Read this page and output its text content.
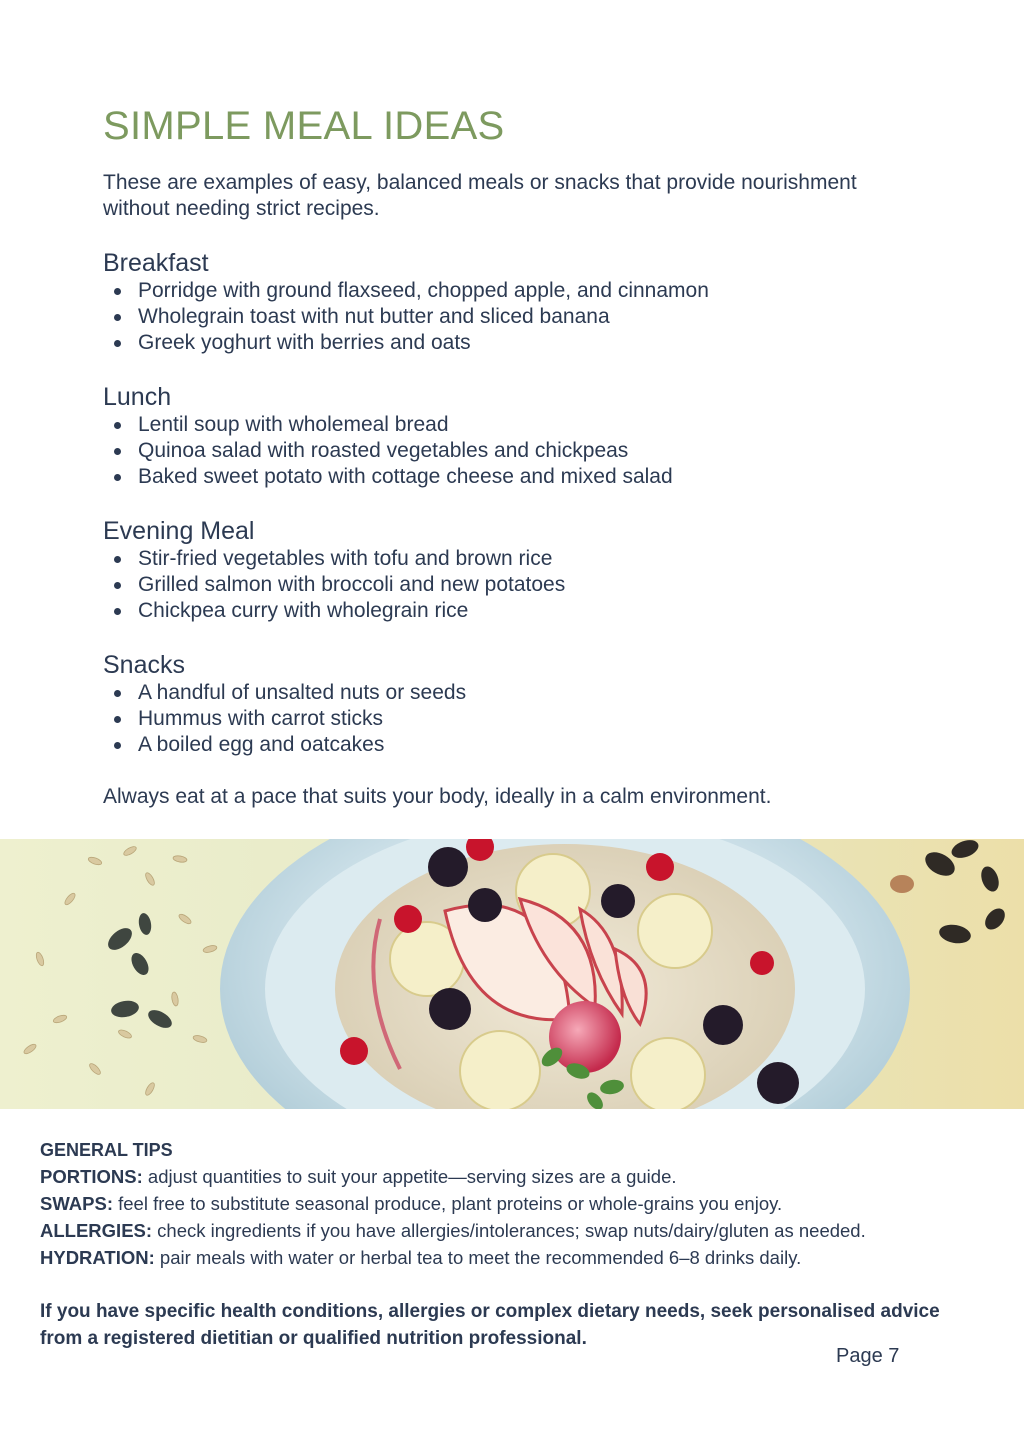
SIMPLE MEAL IDEAS

These are examples of easy, balanced meals or snacks that provide nourishment without needing strict recipes.

Breakfast
Porridge with ground flaxseed, chopped apple, and cinnamon
Wholegrain toast with nut butter and sliced banana
Greek yoghurt with berries and oats
Lunch
Lentil soup with wholemeal bread
Quinoa salad with roasted vegetables and chickpeas
Baked sweet potato with cottage cheese and mixed salad
Evening Meal
Stir-fried vegetables with tofu and brown rice
Grilled salmon with broccoli and new potatoes
Chickpea curry with wholegrain rice
Snacks
A handful of unsalted nuts or seeds
Hummus with carrot sticks
A boiled egg and oatcakes

Always eat at a pace that suits your body, ideally in a calm environment.

GENERAL TIPS

PORTIONS: adjust quantities to suit your appetite—serving sizes are a guide.

SWAPS: feel free to substitute seasonal produce, plant proteins or whole-grains you enjoy.

ALLERGIES: check ingredients if you have allergies/intolerances; swap nuts/dairy/gluten as needed.

HYDRATION: pair meals with water or herbal tea to meet the recommended 6–8 drinks daily.

If you have specific health conditions, allergies or complex dietary needs, seek personalised advice from a registered dietitian or qualified nutrition professional.

Page 7
